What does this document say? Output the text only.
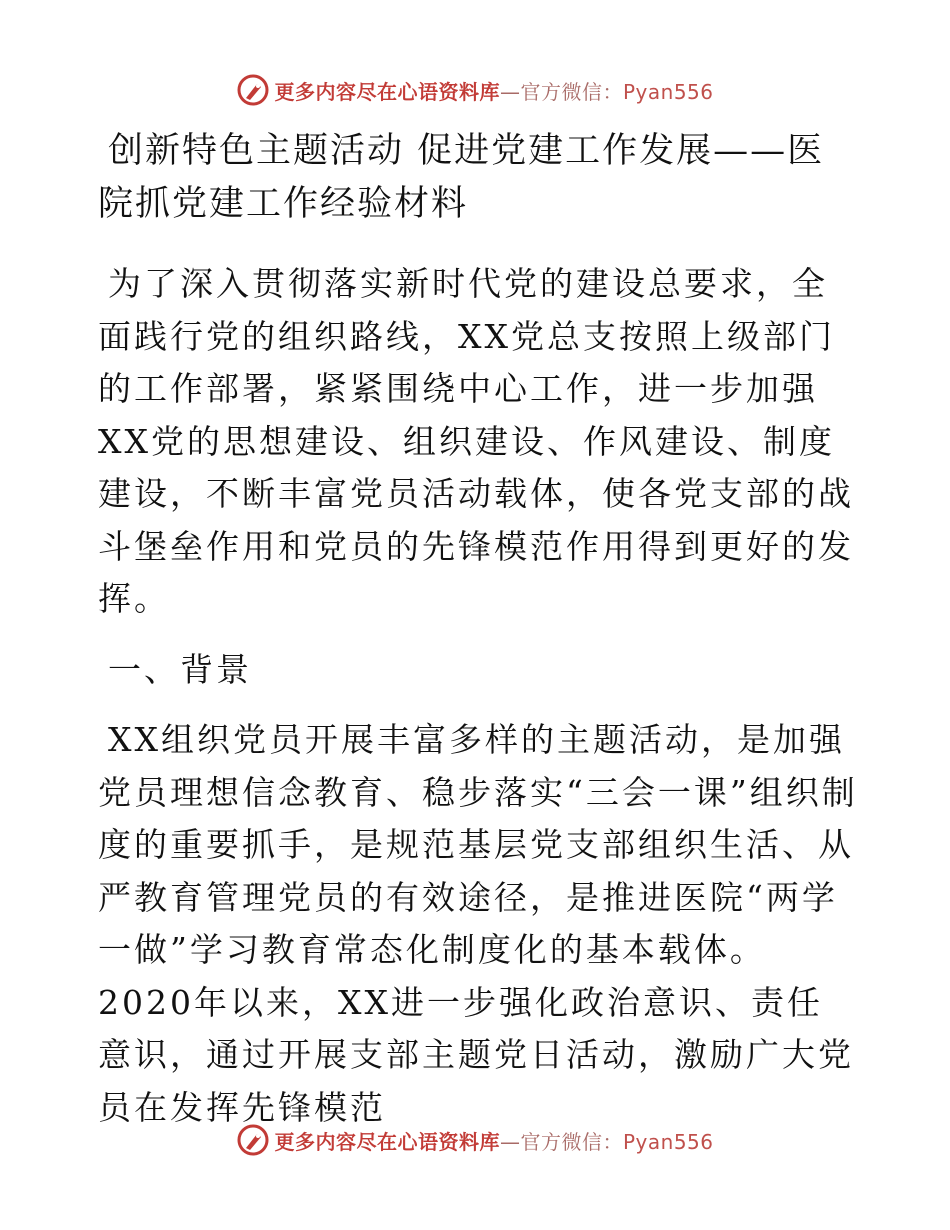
更多内容尽在心语资料库—官方微信：Pyan556
创新特色主题活动 促进党建工作发展——医院抓党建工作经验材料

为了深入贯彻落实新时代党的建设总要求，全面践行党的组织路线，XX党总支按照上级部门的工作部署，紧紧围绕中心工作，进一步加强XX党的思想建设、组织建设、作风建设、制度建设，不断丰富党员活动载体，使各党支部的战斗堡垒作用和党员的先锋模范作用得到更好的发挥。

一、背景

XX组织党员开展丰富多样的主题活动，是加强党员理想信念教育、稳步落实“三会一课”组织制度的重要抓手，是规范基层党支部组织生活、从严教育管理党员的有效途径，是推进医院“两学一做”学习教育常态化制度化的基本载体。2020年以来，XX进一步强化政治意识、责任意识，通过开展支部主题党日活动，激励广大党员在发挥先锋模范

更多内容尽在心语资料库—官方微信：Pyan556
